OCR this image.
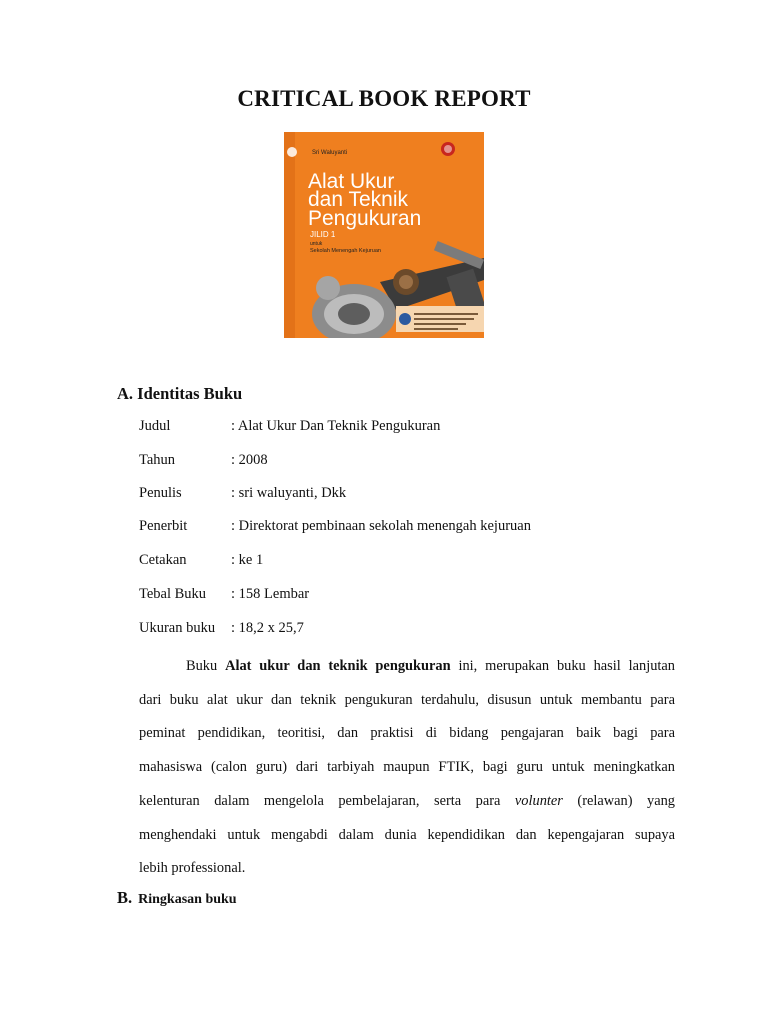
CRITICAL BOOK REPORT
Sri Waluyanti
Alat Ukur
dan Teknik
Pengukuran
JILID 1
untuk
Sekolah Menengah Kejuruan
A. Identitas Buku
Judul	: Alat Ukur Dan Teknik Pengukuran
Tahun	: 2008
Penulis	: sri waluyanti, Dkk
Penerbit	: Direktorat pembinaan sekolah menengah kejuruan
Cetakan	: ke 1
Tebal Buku : 158 Lembar
Ukuran buku : 18,2 x 25,7
Buku Alat ukur dan teknik pengukuran ini, merupakan buku hasil lanjutan
dari buku alat ukur dan teknik pengukuran terdahulu, disusun untuk membantu para
peminat pendidikan, teoritisi, dan praktisi di bidang pengajaran baik bagi para
mahasiswa (calon guru) dari tarbiyah maupun FTIK, bagi guru untuk meningkatkan
kelenturan dalam mengelola pembelajaran, serta para volunter (relawan) yang
menghendaki untuk mengabdi dalam dunia kependidikan dan kepengajaran supaya
lebih professional.
B. Ringkasan buku
